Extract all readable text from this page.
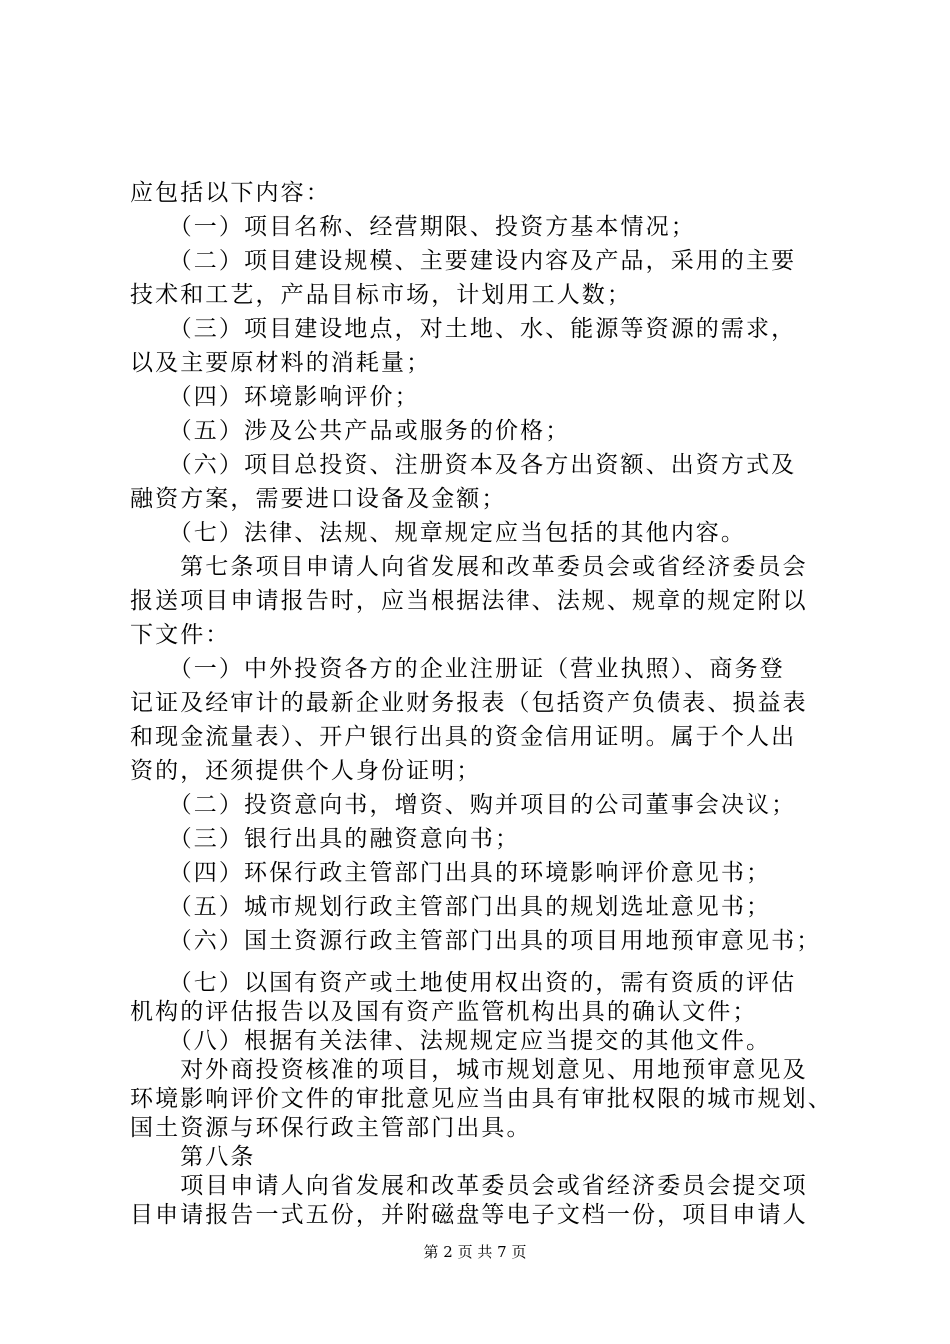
应包括以下内容：
　　（一）项目名称、经营期限、投资方基本情况；
　　（二）项目建设规模、主要建设内容及产品，采用的主要
技术和工艺，产品目标市场，计划用工人数；
　　（三）项目建设地点，对土地、水、能源等资源的需求，
以及主要原材料的消耗量；
　　（四）环境影响评价；
　　（五）涉及公共产品或服务的价格；
　　（六）项目总投资、注册资本及各方出资额、出资方式及
融资方案，需要进口设备及金额；
　　（七）法律、法规、规章规定应当包括的其他内容。
　　第七条项目申请人向省发展和改革委员会或省经济委员会
报送项目申请报告时，应当根据法律、法规、规章的规定附以
下文件：
　　（一）中外投资各方的企业注册证（营业执照）、商务登
记证及经审计的最新企业财务报表（包括资产负债表、损益表
和现金流量表）、开户银行出具的资金信用证明。属于个人出
资的，还须提供个人身份证明；
　　（二）投资意向书，增资、购并项目的公司董事会决议；
　　（三）银行出具的融资意向书；
　　（四）环保行政主管部门出具的环境影响评价意见书；
　　（五）城市规划行政主管部门出具的规划选址意见书；
　　（六）国土资源行政主管部门出具的项目用地预审意见书；
　　（七）以国有资产或土地使用权出资的，需有资质的评估
机构的评估报告以及国有资产监管机构出具的确认文件；
　　（八）根据有关法律、法规规定应当提交的其他文件。
　　对外商投资核准的项目，城市规划意见、用地预审意见及
环境影响评价文件的审批意见应当由具有审批权限的城市规划、
国土资源与环保行政主管部门出具。
　　第八条
第 2 页 共 7 页
　　项目申请人向省发展和改革委员会或省经济委员会提交项
目申请报告一式五份，并附磁盘等电子文档一份，项目申请人
